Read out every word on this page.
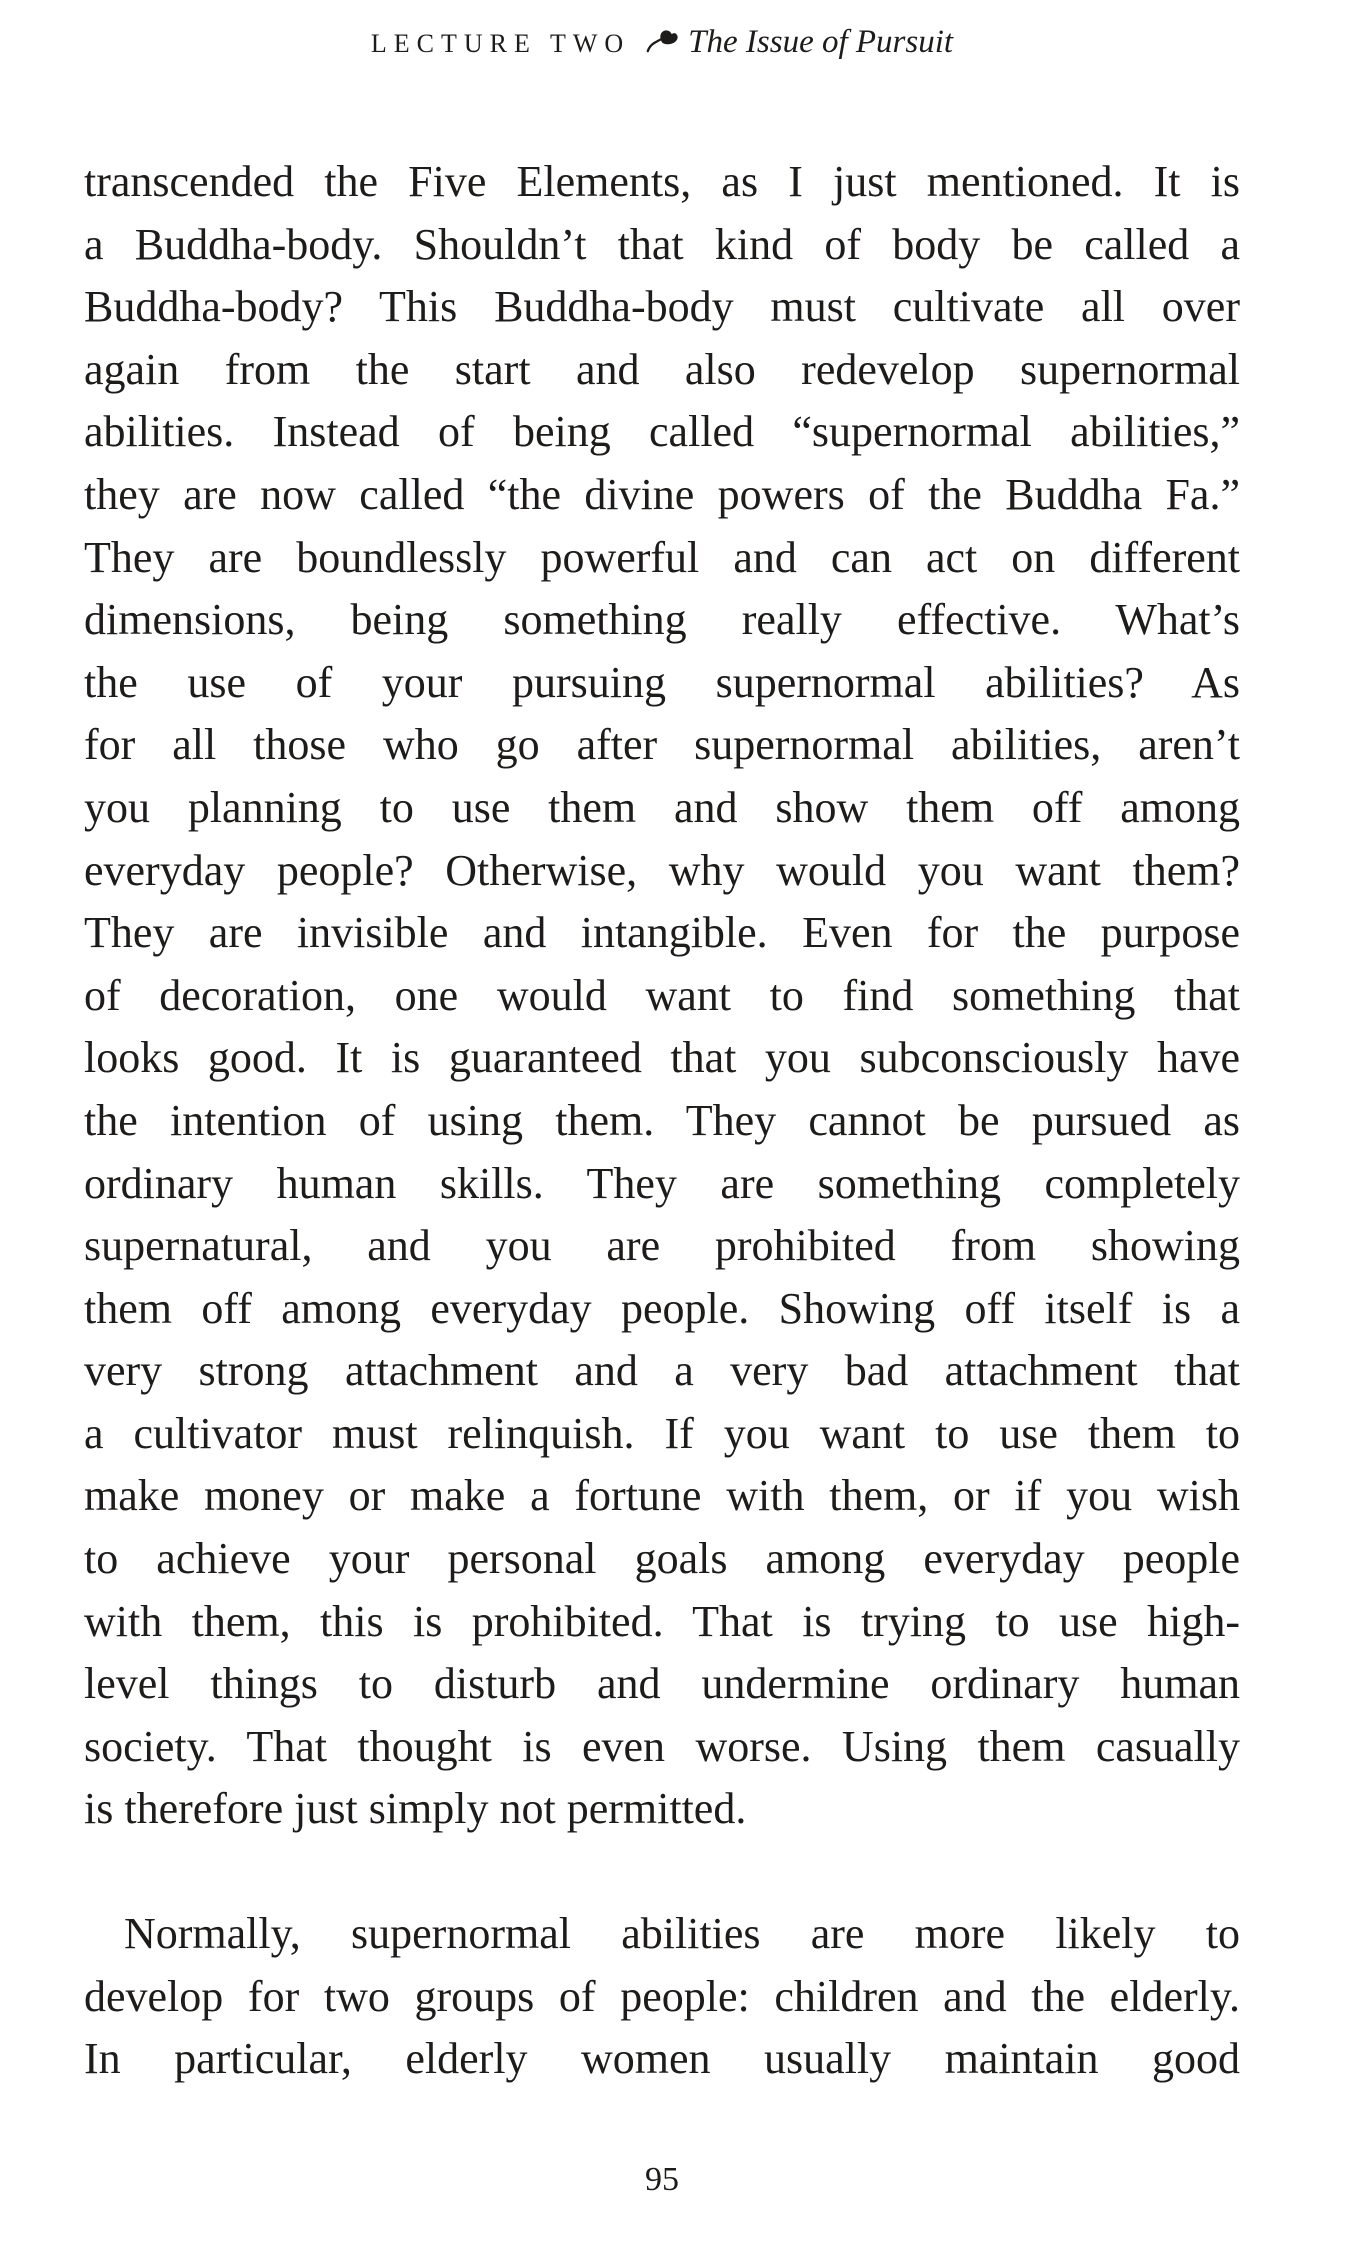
LECTURE TWO The Issue of Pursuit
transcended the Five Elements, as I just mentioned. It is
a Buddha-body. Shouldn’t that kind of body be called a
Buddha-body? This Buddha-body must cultivate all over
again from the start and also redevelop supernormal
abilities. Instead of being called “supernormal abilities,”
they are now called “the divine powers of the Buddha Fa.”
They are boundlessly powerful and can act on different
dimensions, being something really effective. What’s
the use of your pursuing supernormal abilities? As
for all those who go after supernormal abilities, aren’t
you planning to use them and show them off among
everyday people? Otherwise, why would you want them?
They are invisible and intangible. Even for the purpose
of decoration, one would want to find something that
looks good. It is guaranteed that you subconsciously have
the intention of using them. They cannot be pursued as
ordinary human skills. They are something completely
supernatural, and you are prohibited from showing
them off among everyday people. Showing off itself is a
very strong attachment and a very bad attachment that
a cultivator must relinquish. If you want to use them to
make money or make a fortune with them, or if you wish
to achieve your personal goals among everyday people
with them, this is prohibited. That is trying to use high-
level things to disturb and undermine ordinary human
society. That thought is even worse. Using them casually
is therefore just simply not permitted.
Normally, supernormal abilities are more likely to
develop for two groups of people: children and the elderly.
In particular, elderly women usually maintain good
95
